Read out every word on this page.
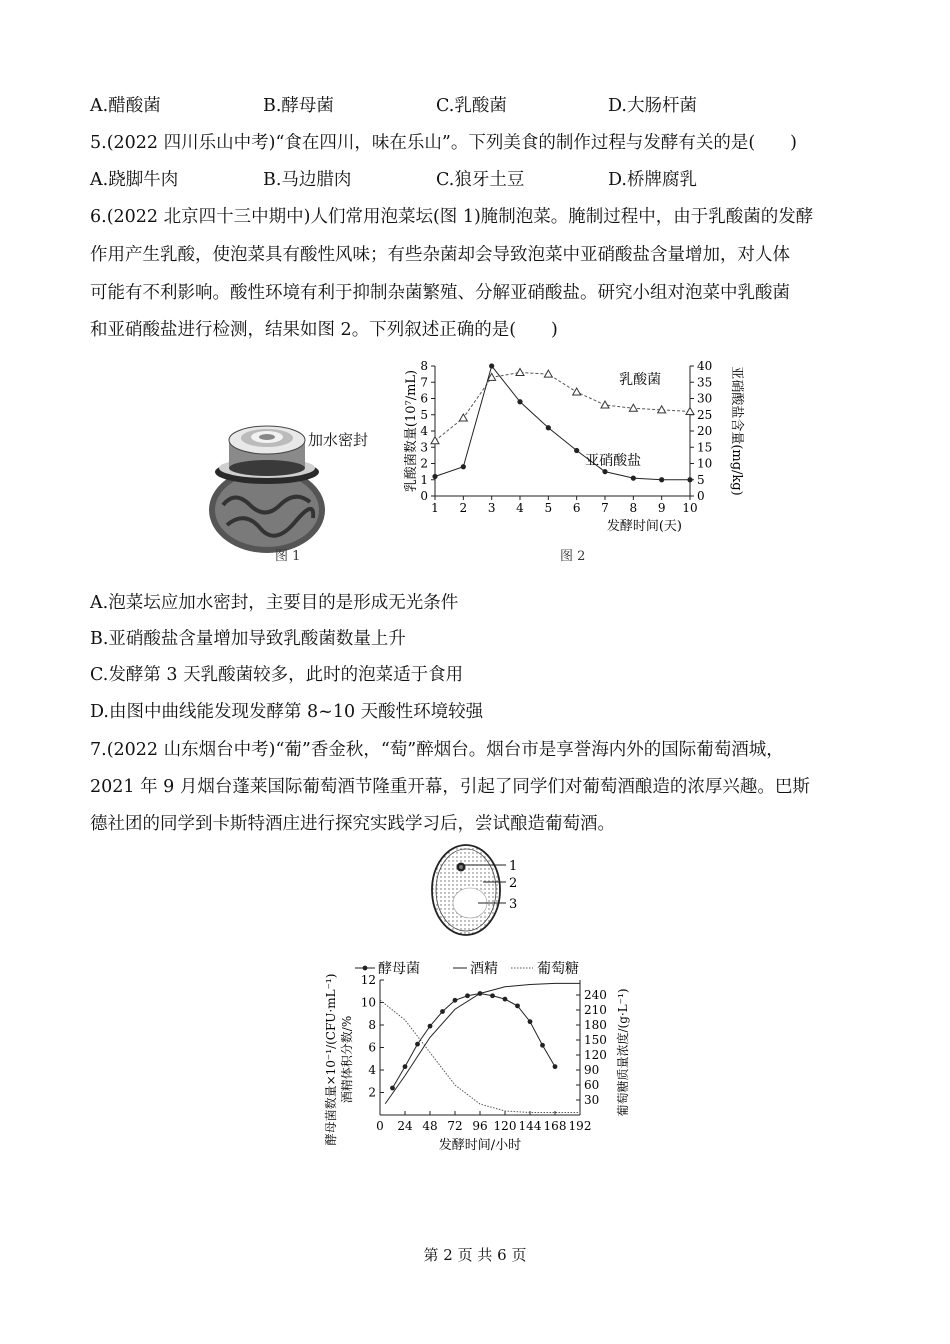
A.醋酸菌	B.酵母菌	C.乳酸菌	D.大肠杆菌
5.(2022 四川乐山中考)“食在四川，味在乐山”。下列美食的制作过程与发酵有关的是(　　)
A.跷脚牛肉	B.马边腊肉	C.狼牙土豆	D.桥牌腐乳
6.(2022 北京四十三中期中)人们常用泡菜坛(图 1)腌制泡菜。腌制过程中，由于乳酸菌的发酵
作用产生乳酸，使泡菜具有酸性风味；有些杂菌却会导致泡菜中亚硝酸盐含量增加，对人体
可能有不利影响。酸性环境有利于抑制杂菌繁殖、分解亚硝酸盐。研究小组对泡菜中乳酸菌
和亚硝酸盐进行检测，结果如图 2。下列叙述正确的是(　　)
加水密封
图 1
0
1
2
3
4
5
6
7
8
0
5
10
15
20
25
30
35
40
1 2 3 4 5 6 7 8 9 10
发酵时间(天)
乳酸菌数量(10⁷/mL)	亚硝酸盐含量(mg/kg)
乳酸菌
亚硝酸盐
图 2
A.泡菜坛应加水密封，主要目的是形成无光条件
B.亚硝酸盐含量增加导致乳酸菌数量上升
C.发酵第 3 天乳酸菌较多，此时的泡菜适于食用
D.由图中曲线能发现发酵第 8~10 天酸性环境较强
7.(2022 山东烟台中考)“葡”香金秋，“萄”醉烟台。烟台市是享誉海内外的国际葡萄酒城，
2021 年 9 月烟台蓬莱国际葡萄酒节隆重开幕，引起了同学们对葡萄酒酿造的浓厚兴趣。巴斯
德社团的同学到卡斯特酒庄进行探究实践学习后，尝试酿造葡萄酒。
1
2
3
酵母菌	酒精	葡萄糖
2
4
6
8
10
12
30
60
90
120
150
180
210
240
0 24 48 72 96 120 144 168 192
发酵时间/小时
酵母菌数量×10⁻¹/(CFU·mL⁻¹) 酒精体积分数/%	葡萄糖质量浓度/(g·L⁻¹)
第 2 页 共 6 页
